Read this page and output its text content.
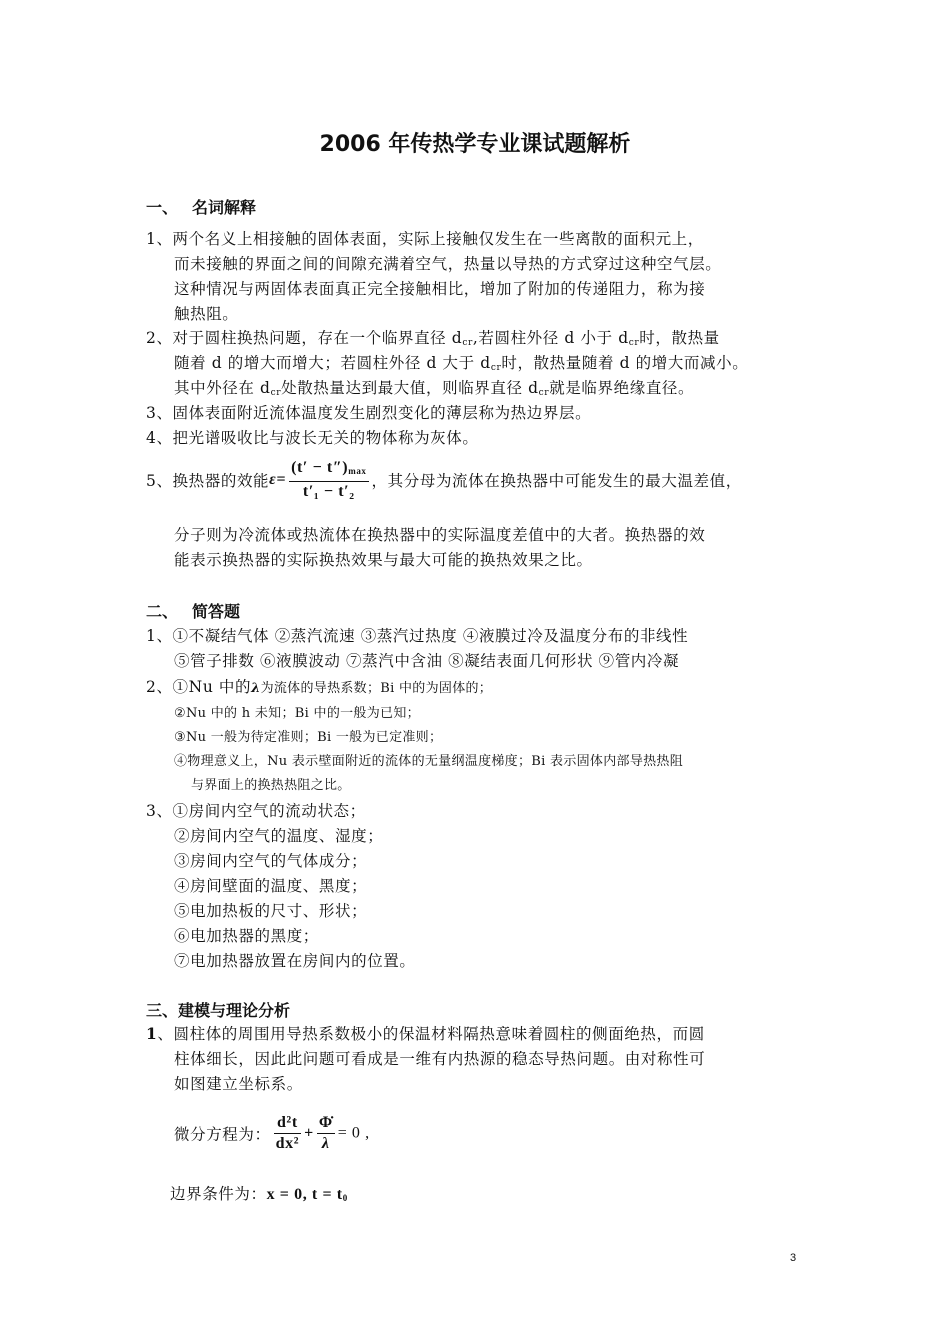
2006 年传热学专业课试题解析
一、 名词解释
1、两个名义上相接触的固体表面，实际上接触仅发生在一些离散的面积元上，
而未接触的界面之间的间隙充满着空气，热量以导热的方式穿过这种空气层。
这种情况与两固体表面真正完全接触相比，增加了附加的传递阻力，称为接
触热阻。
2、对于圆柱换热问题，存在一个临界直径 $d_{cr}$,若圆柱外径 d 小于 $d_{cr}$时，散热量
随着 d 的增大而增大；若圆柱外径 d 大于 $d_{cr}$时，散热量随着 d 的增大而减小。
其中外径在 $d_{cr}$处散热量达到最大值，则临界直径 $d_{cr}$就是临界绝缘直径。
3、固体表面附近流体温度发生剧烈变化的薄层称为热边界层。
4、把光谱吸收比与波长无关的物体称为灰体。
5、换热器的效能$\varepsilon= \frac{(t' - t'')_{max}}{\text{t′₁ − t′₂}}$ ，其分母为流体在换热器中可能发生的最大温差值，
分子则为冷流体或热流体在换热器中的实际温度差值中的大者。换热器的效
能表示换热器的实际换热效果与最大可能的换热效果之比。
二、 简答题
1、①不凝结气体 ②蒸汽流速 ③蒸汽过热度 ④液膜过冷及温度分布的非线性
⑤管子排数 ⑥液膜波动 ⑦蒸汽中含油 ⑧凝结表面几何形状 ⑨管内冷凝
2、①Nu 中的λ为流体的导热系数；Bi 中的为固体的；
②Nu 中的 h 未知；Bi 中的一般为已知；
③Nu 一般为待定准则；Bi 一般为已定准则；
④物理意义上，Nu 表示壁面附近的流体的无量纲温度梯度；Bi 表示固体内部导热热阻
与界面上的换热热阻之比。
3、①房间内空气的流动状态；
②房间内空气的温度、湿度；
③房间内空气的气体成分；
④房间壁面的温度、黑度；
⑤电加热板的尺寸、形状；
⑥电加热器的黑度；
⑦电加热器放置在房间内的位置。
三、建模与理论分析
1、圆柱体的周围用导热系数极小的保温材料隔热意味着圆柱的侧面绝热，而圆
柱体细长，因此此问题可看成是一维有内热源的稳态导热问题。由对称性可
如图建立坐标系。
微分方程为： $\frac{\text{d²t}}{\text{dx²}} + \frac{\Phi̇}{\lambda} = 0$ ,
边界条件为：x = 0, $t = t_0$
3
